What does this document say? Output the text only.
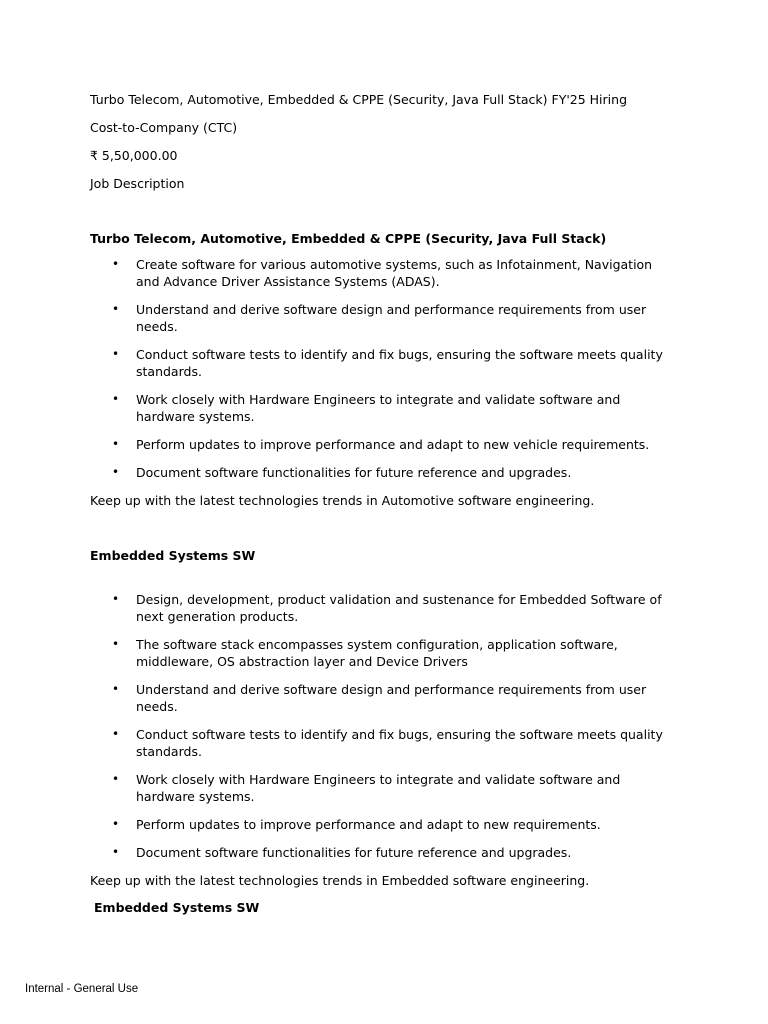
Turbo Telecom, Automotive, Embedded & CPPE (Security, Java Full Stack) FY'25 Hiring

Cost-to-Company (CTC)

₹ 5,50,000.00

Job Description

Turbo Telecom, Automotive, Embedded & CPPE (Security, Java Full Stack)

• Create software for various automotive systems, such as Infotainment, Navigation and Advance Driver Assistance Systems (ADAS).
• Understand and derive software design and performance requirements from user needs.
• Conduct software tests to identify and fix bugs, ensuring the software meets quality standards.
• Work closely with Hardware Engineers to integrate and validate software and hardware systems.
• Perform updates to improve performance and adapt to new vehicle requirements.
• Document software functionalities for future reference and upgrades.

Keep up with the latest technologies trends in Automotive software engineering.

Embedded Systems SW

• Design, development, product validation and sustenance for Embedded Software of next generation products.
• The software stack encompasses system configuration, application software, middleware, OS abstraction layer and Device Drivers
• Understand and derive software design and performance requirements from user needs.
• Conduct software tests to identify and fix bugs, ensuring the software meets quality standards.
• Work closely with Hardware Engineers to integrate and validate software and hardware systems.
• Perform updates to improve performance and adapt to new requirements.
• Document software functionalities for future reference and upgrades.

Keep up with the latest technologies trends in Embedded software engineering.

Embedded Systems SW

Internal - General Use
